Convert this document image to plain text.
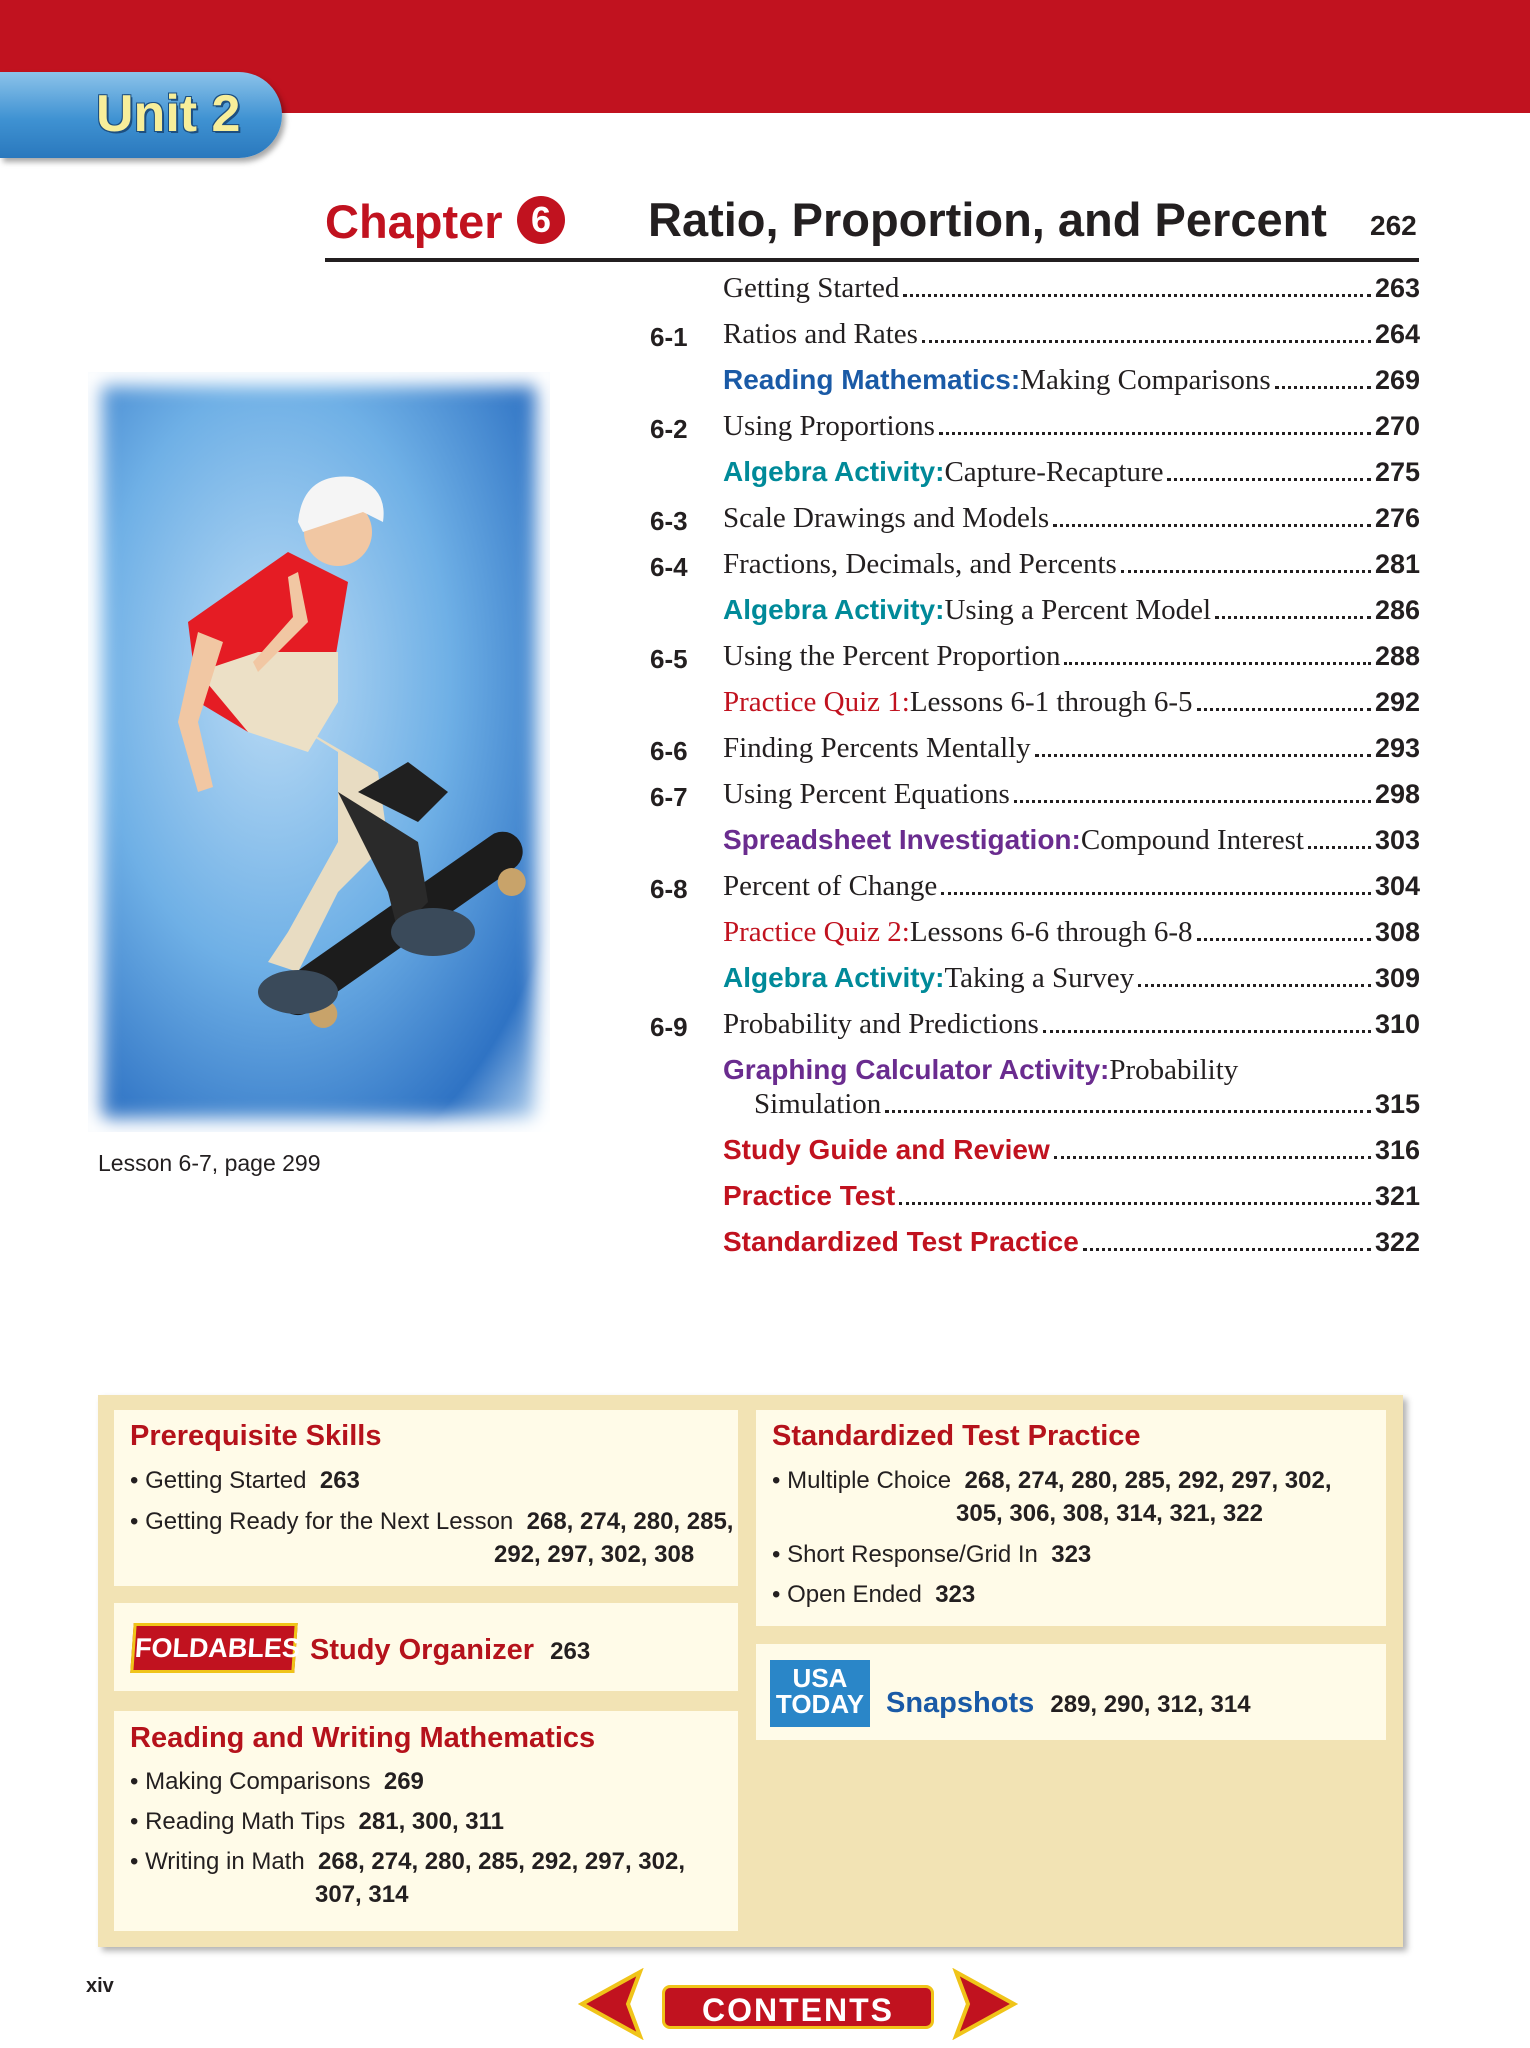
Unit 2
Chapter 6 Ratio, Proportion, and Percent 262
Getting Started	263
6-1 Ratios and Rates	264
Reading Mathematics: Making Comparisons	269
6-2 Using Proportions	270
Algebra Activity: Capture-Recapture	275
6-3 Scale Drawings and Models	276
6-4 Fractions, Decimals, and Percents	281
Algebra Activity: Using a Percent Model	286
6-5 Using the Percent Proportion	288
Practice Quiz 1: Lessons 6-1 through 6-5	292
6-6 Finding Percents Mentally	293
6-7 Using Percent Equations	298
Spreadsheet Investigation: Compound Interest	303
6-8 Percent of Change	304
Practice Quiz 2: Lessons 6-6 through 6-8	308
Algebra Activity: Taking a Survey	309
6-9 Probability and Predictions	310
Graphing Calculator Activity: Probability
Simulation	315
Study Guide and Review	316
Practice Test	321
Standardized Test Practice	322
Lesson 6-7, page 299
Prerequisite Skills
• Getting Started 263
• Getting Ready for the Next Lesson 268, 274, 280, 285,
292, 297, 302, 308
FOLDABLES Study Organizer 263
Reading and Writing Mathematics
• Making Comparisons 269
• Reading Math Tips 281, 300, 311
• Writing in Math 268, 274, 280, 285, 292, 297, 302,
307, 314
Standardized Test Practice
• Multiple Choice 268, 274, 280, 285, 292, 297, 302,
305, 306, 308, 314, 321, 322
• Short Response/Grid In 323
• Open Ended 323
USA
TODAY Snapshots 289, 290, 312, 314
xiv
CONTENTS
